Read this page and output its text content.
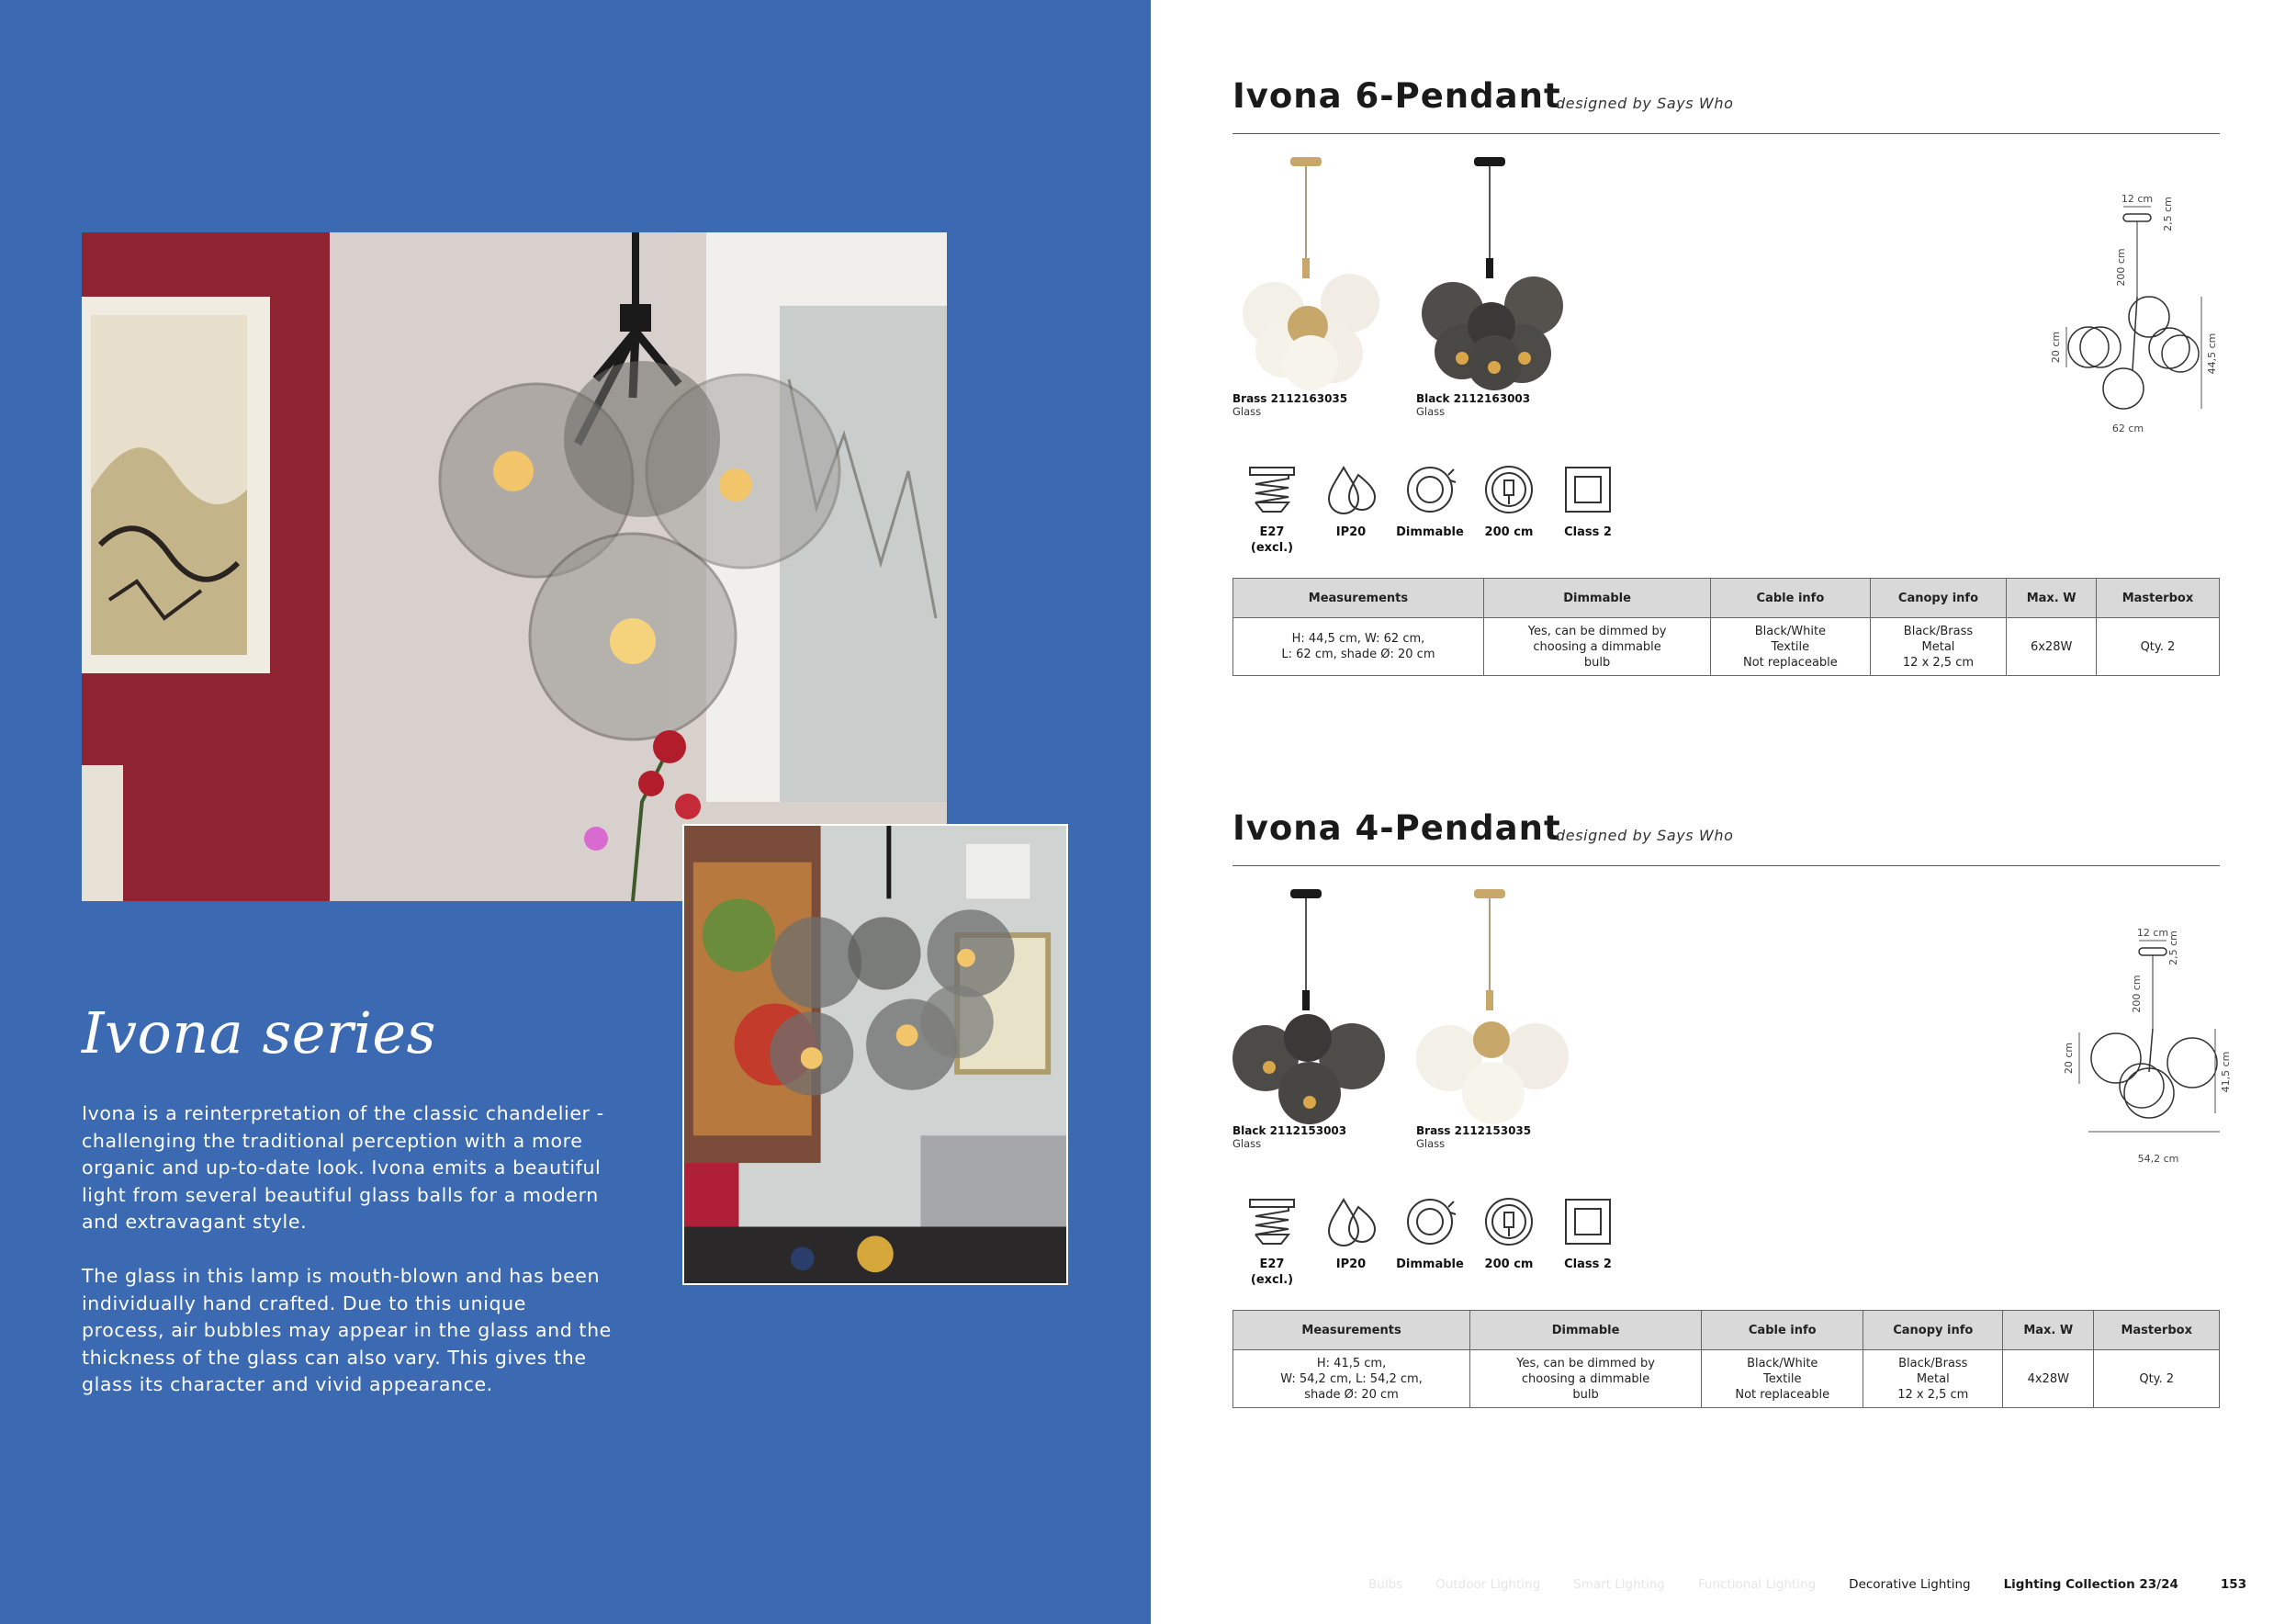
Ivona series

Ivona is a reinterpretation of the classic chandelier - challenging the traditional perception with a more organic and up-to-date look. Ivona emits a beautiful light from several beautiful glass balls for a modern and extravagant style.

The glass in this lamp is mouth-blown and has been individually hand crafted. Due to this unique process, air bubbles may appear in the glass and the thickness of the glass can also vary. This gives the glass its character and vivid appearance.

Ivona 6-Pendant
designed by Says Who
Brass 2112163035
Glass
Black 2112163003
Glass
12 cm 2,5 cm
200 cm
20 cm	44,5 cm
62 cm
E27
(excl.)
IP20	Dimmable	200 cm	Class 2
Measurements	Dimmable	Cable info	Canopy info	Max. W	Masterbox
H: 44,5 cm, W: 62 cm,
L: 62 cm, shade Ø: 20 cm	Yes, can be dimmed by
choosing a dimmable
bulb	Black/White
Textile
Not replaceable	Black/Brass
Metal
12 x 2,5 cm	6x28W	Qty. 2
Ivona 4-Pendant
designed by Says Who
Black 2112153003
Glass
Brass 2112153035
Glass
12 cm
2,5 cm
200 cm
20 cm	41,5 cm
54,2 cm
E27
(excl.)
IP20	Dimmable	200 cm	Class 2
Measurements	Dimmable	Cable info	Canopy info	Max. W	Masterbox
H: 41,5 cm,
W: 54,2 cm, L: 54,2 cm,
shade Ø: 20 cm	Yes, can be dimmed by
choosing a dimmable
bulb	Black/White
Textile
Not replaceable	Black/Brass
Metal
12 x 2,5 cm	4x28W	Qty. 2
Bulbs	Outdoor Lighting	Smart Lighting	Functional Lighting	Decorative Lighting	Lighting Collection 23/24	153
